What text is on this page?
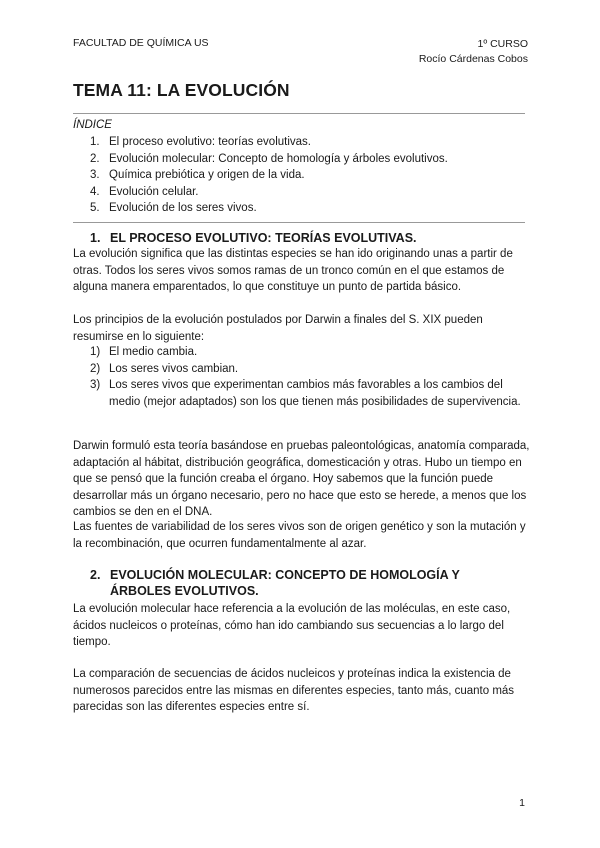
FACULTAD DE QUÍMICA US	1º CURSO
Rocío Cárdenas Cobos
TEMA 11: LA EVOLUCIÓN
ÍNDICE
1. El proceso evolutivo: teorías evolutivas.
2. Evolución molecular: Concepto de homología y árboles evolutivos.
3. Química prebiótica y origen de la vida.
4. Evolución celular.
5. Evolución de los seres vivos.
1. EL PROCESO EVOLUTIVO: TEORÍAS EVOLUTIVAS.

La evolución significa que las distintas especies se han ido originando unas a partir de otras. Todos los seres vivos somos ramas de un tronco común en el que estamos de alguna manera emparentados, lo que constituye un punto de partida básico.

Los principios de la evolución postulados por Darwin a finales del S. XIX pueden resumirse en lo siguiente:

1) El medio cambia.
2) Los seres vivos cambian.
3) Los seres vivos que experimentan cambios más favorables a los cambios del medio (mejor adaptados) son los que tienen más posibilidades de supervivencia.

Darwin formuló esta teoría basándose en pruebas paleontológicas, anatomía comparada, adaptación al hábitat, distribución geográfica, domesticación y otras. Hubo un tiempo en que se pensó que la función creaba el órgano. Hoy sabemos que la función puede desarrollar más un órgano necesario, pero no hace que esto se herede, a menos que los cambios se den en el DNA.

Las fuentes de variabilidad de los seres vivos son de origen genético y son la mutación y la recombinación, que ocurren fundamentalmente al azar.

2. EVOLUCIÓN MOLECULAR: CONCEPTO DE HOMOLOGÍA Y
ÁRBOLES EVOLUTIVOS.

La evolución molecular hace referencia a la evolución de las moléculas, en este caso, ácidos nucleicos o proteínas, cómo han ido cambiando sus secuencias a lo largo del tiempo.

La comparación de secuencias de ácidos nucleicos y proteínas indica la existencia de numerosos parecidos entre las mismas en diferentes especies, tanto más, cuanto más parecidas son las diferentes especies entre sí.

1
